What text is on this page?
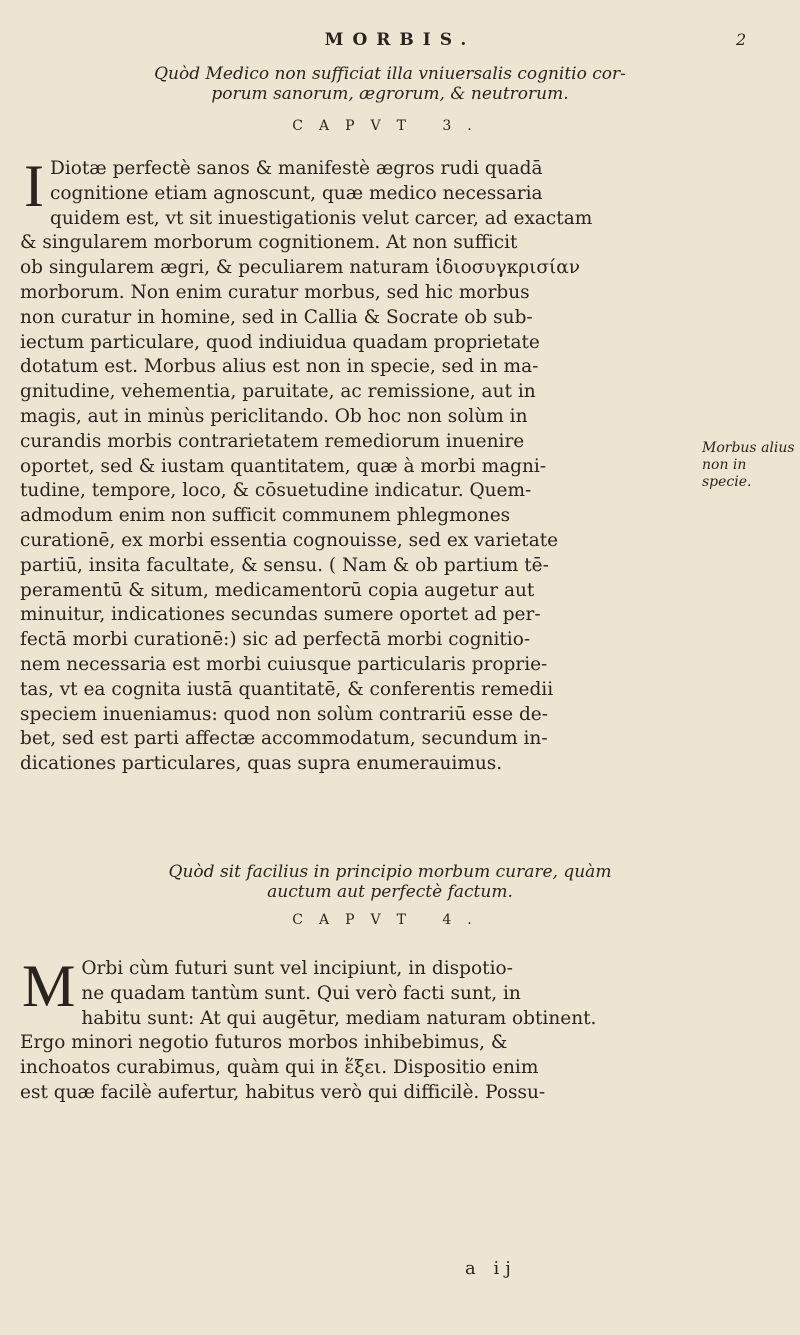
MORBIS.	2
Quòd Medico non sufficiat illa vniuersalis cognitio cor-
porum sanorum, ægrorum, & neutrorum.
CAPVT 3.
I Diotæ perfectè sanos & manifestè ægros rudi quadā
cognitione etiam agnoscunt, quæ medico necessaria
quidem est, vt sit inuestigationis velut carcer, ad exactam
& singularem morborum cognitionem. At non sufficit
ob singularem ægri, & peculiarem naturam ἰδιοσυγκρισίαν
morborum. Non enim curatur morbus, sed hic morbus
non curatur in homine, sed in Callia & Socrate ob sub-
iectum particulare, quod indiuidua quadam proprietate
dotatum est. Morbus alius est non in specie, sed in ma-
gnitudine, vehementia, paruitate, ac remissione, aut in
magis, aut in minùs periclitando. Ob hoc non solùm in
curandis morbis contrarietatem remediorum inuenire
oportet, sed & iustam quantitatem, quæ à morbi magni-
tudine, tempore, loco, & cōsuetudine indicatur. Quem-
admodum enim non sufficit communem phlegmones
curationē, ex morbi essentia cognouisse, sed ex varietate
partiū, insita facultate, & sensu. ( Nam & ob partium tē-
peramentū & situm, medicamentorū copia augetur aut
minuitur, indicationes secundas sumere oportet ad per-
fectā morbi curationē:) sic ad perfectā morbi cognitio-
nem necessaria est morbi cuiusque particularis proprie-
tas, vt ea cognita iustā quantitatē, & conferentis remedii
speciem inueniamus: quod non solùm contrariū esse de-
bet, sed est parti affectæ accommodatum, secundum in-
dicationes particulares, quas supra enumerauimus.
Morbus alius
non in specie.
Quòd sit facilius in principio morbum curare, quàm
auctum aut perfectè factum.
CAPVT 4.
M Orbi cùm futuri sunt vel incipiunt, in dispotio-
ne quadam tantùm sunt. Qui verò facti sunt, in
habitu sunt: At qui augētur, mediam naturam obtinent.
Ergo minori negotio futuros morbos inhibebimus, &
inchoatos curabimus, quàm qui in ἕξει. Dispositio enim
est quæ facilè aufertur, habitus verò qui difficilè. Possu-
a ij
